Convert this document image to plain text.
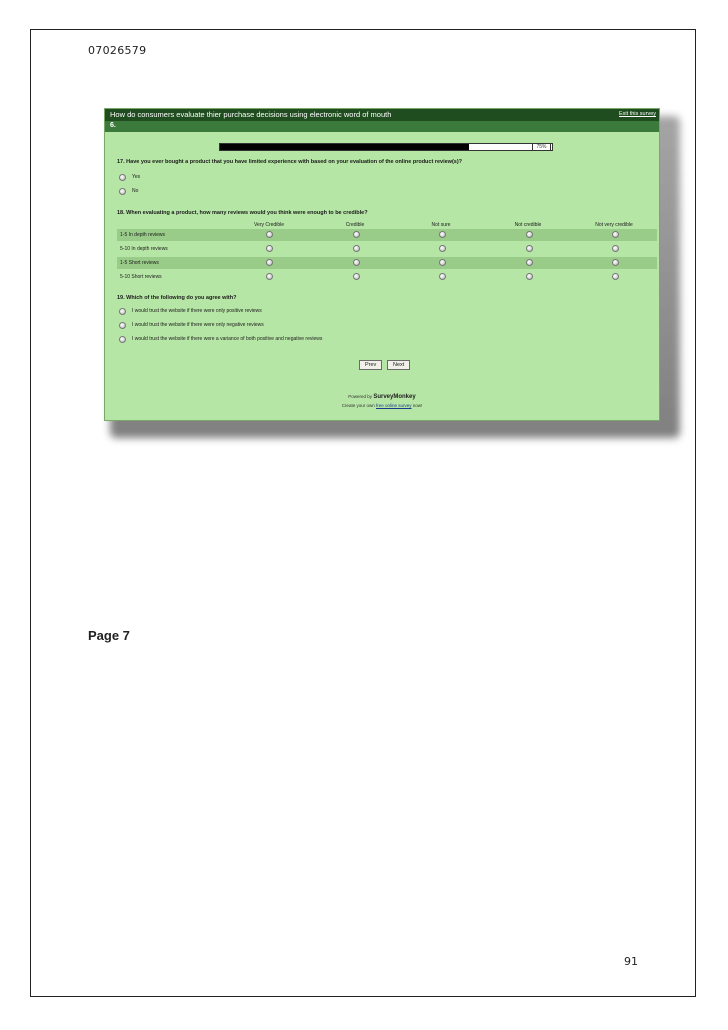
07026579
How do consumers evaluate thier purchase decisions using electronic word of mouth	Exit this survey
6.
75%
17. Have you ever bought a product that you have limited experience with based on your evaluation of the online product review(s)?
Yes
No
18. When evaluating a product, how many reviews would you think were enough to be credible?
Very Credible	Credible	Not sure	Not credible	Not very credible
1-5 In depth reviews
5-10 In depth reviews
1-5 Short reviews
5-10 Short reviews
19. Which of the following do you agree with?
I would trust the website if there were only positive reviews
I would trust the website if there were only negative reviews
I would trust the website if there were a variance of both positive and negative reviews
Prev	Next
Powered by SurveyMonkey
Create your own free online survey now!
Page 7
91
